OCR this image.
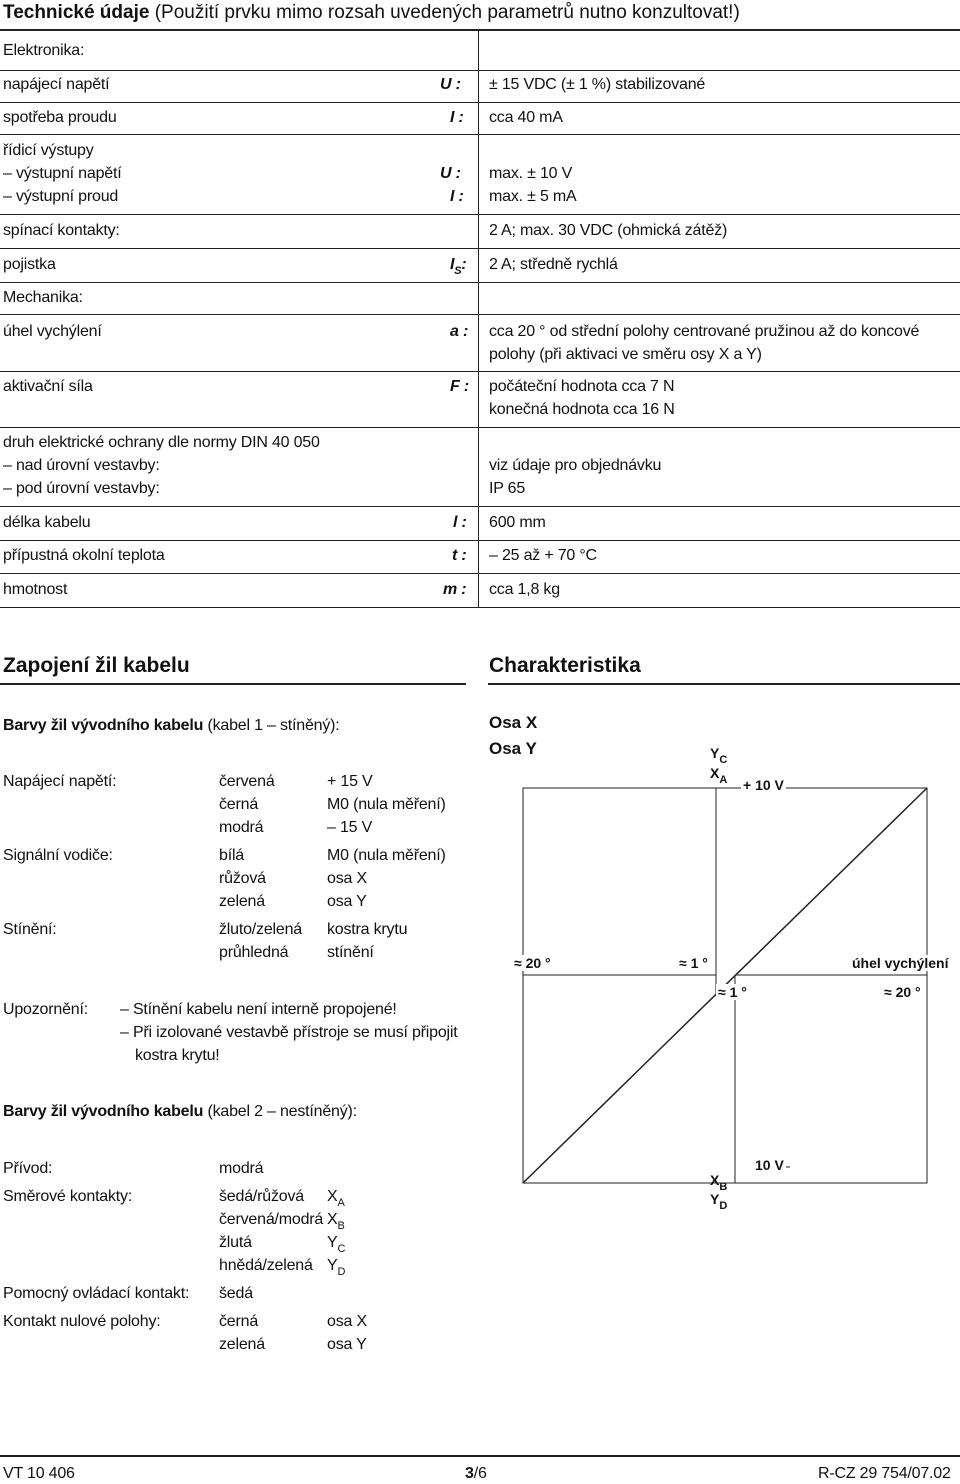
Technické údaje (Použití prvku mimo rozsah uvedených parametrů nutno konzultovat!)
Elektronika:
napájecí napětí	U : ± 15 VDC (± 1 %) stabilizované
spotřeba proudu	I : cca 40 mA
řídicí výstupy
– výstupní napětí	U : max. ± 10 V
– výstupní proud	I : max. ± 5 mA
spínací kontakty:	2 A; max. 30 VDC (ohmická zátěž)
pojistka	$I_S$: 2 A; středně rychlá
Mechanika:
úhel vychýlení	a : cca 20 ° od střední polohy centrované pružinou až do koncové
polohy (při aktivaci ve směru osy X a Y)
aktivační síla	F : počáteční hodnota cca 7 N
konečná hodnota cca 16 N
druh elektrické ochrany dle normy DIN 40 050
– nad úrovní vestavby:
– pod úrovní vestavby:
viz údaje pro objednávku
IP 65
délka kabelu	l : 600 mm
přípustná okolní teplota	t : – 25 až + 70 °C
hmotnost	m : cca 1,8 kg
Zapojení žil kabelu	Charakteristika
Barvy žil vývodního kabelu (kabel 1 – stíněný):
Napájecí napětí:	červená	+ 15 V
černá	M0 (nula měření)
modrá	– 15 V
Signální vodiče:	bílá	M0 (nula měření)
růžová	osa X
zelená	osa Y
Stínění:	žluto/zelená kostra krytu
průhledná stínění
Upozornění: – Stínění kabelu není interně propojené!
– Při izolované vestavbě přístroje se musí připojit
kostra krytu!
Barvy žil vývodního kabelu (kabel 2 – nestíněný):
Přívod:	modrá
Směrové kontakty:	šedá/růžová $X_A$
červená/modrá $X_B$
žlutá	$Y_C$
hnědá/zelená $Y_D$
Pomocný ovládací kontakt: šedá
Kontakt nulové polohy:	černá	osa X
zelená	osa Y
Osa X
Osa Y	$Y_C$
$X_A + 10$ V
≈ 20 °	≈ 1 °	úhel vychýlení
≈ 1 °	≈ 20 °
$X_B$
$Y_D$
10 V
VT 10 406	3/6	R-CZ 29 754/07.02
